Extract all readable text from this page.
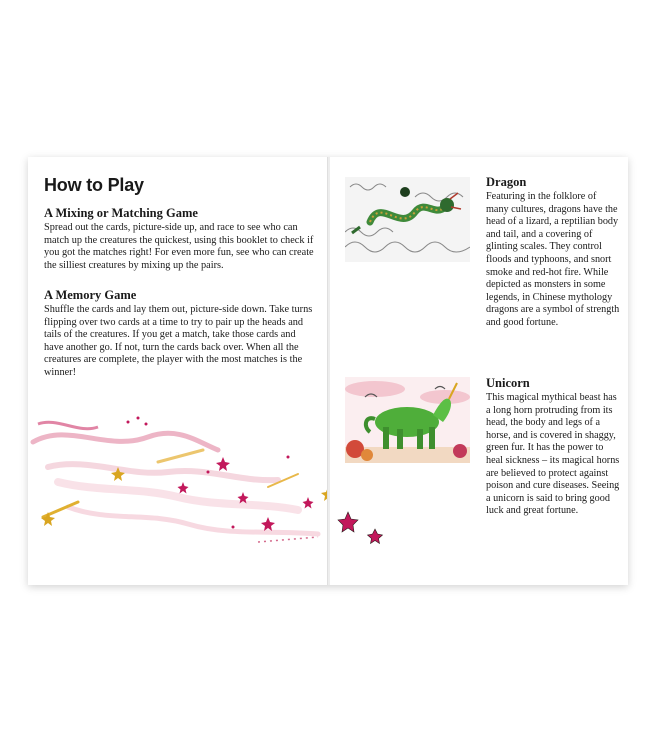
How to Play
A Mixing or Matching Game

Spread out the cards, picture-side up, and race to see who can match up the creatures the quickest, using this booklet to check if you got the matches right! For even more fun, see who can create the silliest creatures by mixing up the pairs.

A Memory Game

Shuffle the cards and lay them out, picture-side down. Take turns flipping over two cards at a time to try to pair up the heads and tails of the creatures. If you get a match, take those cards and have another go. If not, turn the cards back over. When all the creatures are complete, the player with the most matches is the winner!

Dragon

Featuring in the folklore of many cultures, dragons have the head of a lizard, a reptilian body and tail, and a covering of glinting scales. They control floods and typhoons, and snort smoke and red-hot fire. While depicted as monsters in some legends, in Chinese mythology dragons are a symbol of strength and good fortune.

Unicorn

This magical mythical beast has a long horn protruding from its head, the body and legs of a horse, and is covered in shaggy, green fur. It has the power to heal sickness – its magical horns are believed to protect against poison and cure diseases. Seeing a unicorn is said to bring good luck and great fortune.
